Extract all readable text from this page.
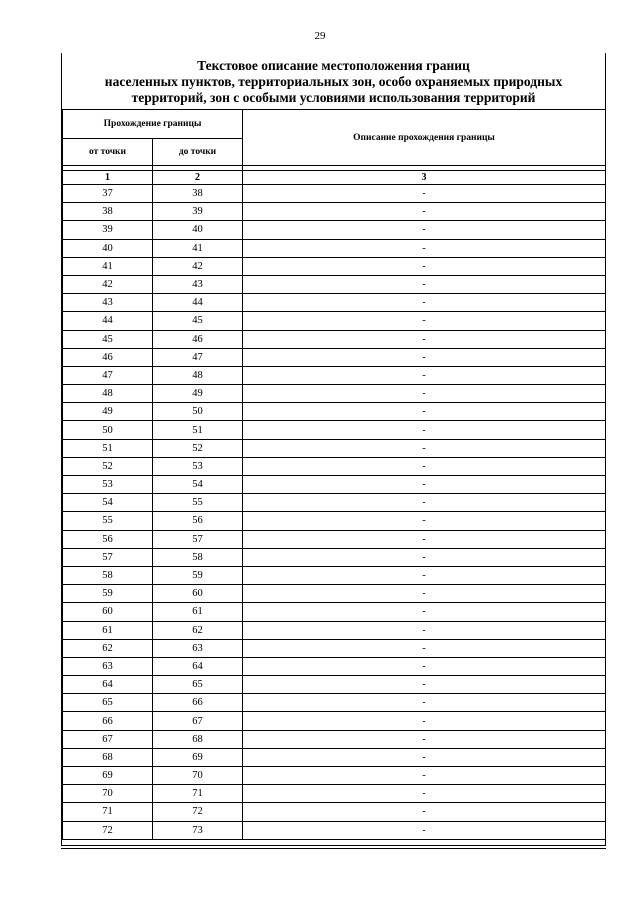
29
Текстовое описание местоположения границ
населенных пунктов, территориальных зон, особо охраняемых природных
территорий, зон с особыми условиями использования территорий
Прохождение границы		Описание прохождения границы
от точки	до точки	

1	2	3
37	38	-
38	39	-
39	40	-
40	41	-
41	42	-
42	43	-
43	44	-
44	45	-
45	46	-
46	47	-
47	48	-
48	49	-
49	50	-
50	51	-
51	52	-
52	53	-
53	54	-
54	55	-
55	56	-
56	57	-
57	58	-
58	59	-
59	60	-
60	61	-
61	62	-
62	63	-
63	64	-
64	65	-
65	66	-
66	67	-
67	68	-
68	69	-
69	70	-
70	71	-
71	72	-
72	73	-
